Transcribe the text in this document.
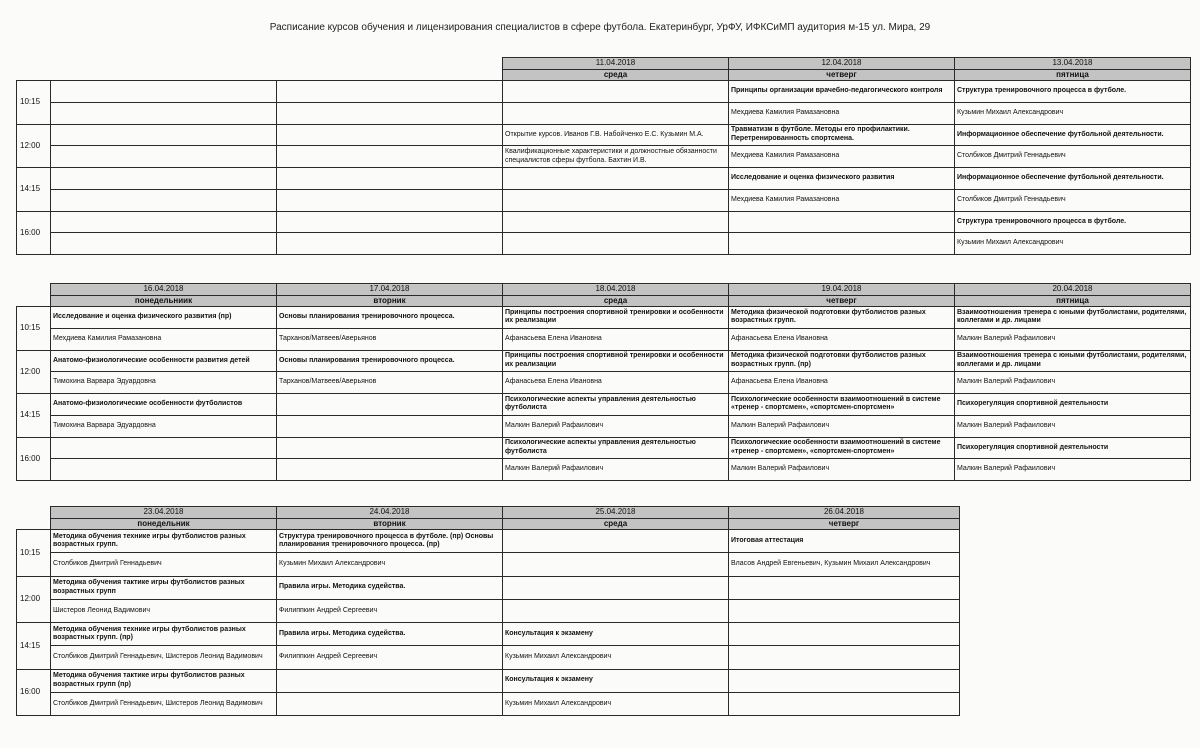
Расписание курсов обучения и лицензирования специалистов в сфере футбола. Екатеринбург, УрФУ, ИФКСиМП аудитория м-15 ул. Мира, 29
			11.04.2018	12.04.2018	13.04.2018
			среда	четверг	пятница
10:15				Принципы организации врачебно-педагогического контроля	Структура тренировочного процесса в футболе.
				Мехдиева Камилия Рамазановна	Кузьмин Михаил Александрович
12:00			Открытие курсов. Иванов Г.В. Набойченко Е.С. Кузьмин М.А.	Травматизм в футболе. Методы его профилактики. Перетренированность спортсмена.	Информационное обеспечение футбольной деятельности.
			Квалификационные характеристики и должностные обязанности специалистов сферы футбола. Бахтин И.В.	Мехдиева Камилия Рамазановна	Столбиков Дмитрий Геннадьевич
14:15				Исследование и оценка физического развития	Информационное обеспечение футбольной деятельности.
				Мехдиева Камилия Рамазановна	Столбиков Дмитрий Геннадьевич
16:00					Структура тренировочного процесса в футболе.
					Кузьмин Михаил Александрович
	16.04.2018	17.04.2018	18.04.2018	19.04.2018	20.04.2018
	понедельниик	вторник	среда	четверг	пятница
10:15	Исследование и оценка физического развития (пр)	Основы планирования тренировочного процесса.	Принципы построения спортивной тренировки и особенности их реализации	Методика физической подготовки футболистов разных возрастных групп.	Взаимоотношения тренера с юными футболистами, родителями, коллегами и др. лицами
	Мехдиева Камилия Рамазановна	Тарханов/Матвеев/Аверьянов	Афанасьева Елена Ивановна	Афанасьева Елена Ивановна	Малкин Валерий Рафаилович
12:00	Анатомо-физиологические особенности развития детей	Основы планирования тренировочного процесса.	Принципы построения спортивной тренировки и особенности их реализации	Методика физической подготовки футболистов разных возрастных групп. (пр)	Взаимоотношения тренера с юными футболистами, родителями, коллегами и др. лицами
	Тимохина Варвара Эдуардовна	Тарханов/Матвеев/Аверьянов	Афанасьева Елена Ивановна	Афанасьева Елена Ивановна	Малкин Валерий Рафаилович
14:15	Анатомо-физиологические особенности футболистов		Психологические аспекты управления деятельностью футболиста	Психологические особенности взаимоотношений в системе «тренер - спортсмен», «спортсмен-спортсмен»	Психорегуляция спортивной деятельности
	Тимохина Варвара Эдуардовна		Малкин Валерий Рафаилович	Малкин Валерий Рафаилович	Малкин Валерий Рафаилович
16:00			Психологические аспекты управления деятельностью футболиста	Психологические особенности взаимоотношений в системе «тренер - спортсмен», «спортсмен-спортсмен»	Психорегуляция спортивной деятельности
			Малкин Валерий Рафаилович	Малкин Валерий Рафаилович	Малкин Валерий Рафаилович
	23.04.2018	24.04.2018	25.04.2018	26.04.2018
	понедельник	вторник	среда	четверг
10:15	Методика обучения технике игры футболистов разных возрастных групп.	Структура тренировочного процесса в футболе. (пр) Основы планирования тренировочного процесса. (пр)		Итоговая аттестация
	Столбиков Дмитрий Геннадьевич	Кузьмин Михаил Александрович		Власов Андрей Евгеньевич, Кузьмин Михаил Александрович
12:00	Методика обучения тактике игры футболистов разных возрастных групп	Правила игры. Методика судейства.		
	Шистеров Леонид Вадимович	Филиппкин Андрей Сергеевич		
14:15	Методика обучения технике игры футболистов разных возрастных групп. (пр)	Правила игры. Методика судейства.	Консультация к экзамену	
	Столбиков Дмитрий Геннадьевич, Шистеров Леонид Вадимович	Филиппкин Андрей Сергеевич	Кузьмин Михаил Александрович	
16:00	Методика обучения тактике игры футболистов разных возрастных групп (пр)		Консультация к экзамену	
	Столбиков Дмитрий Геннадьевич, Шистеров Леонид Вадимович		Кузьмин Михаил Александрович	
